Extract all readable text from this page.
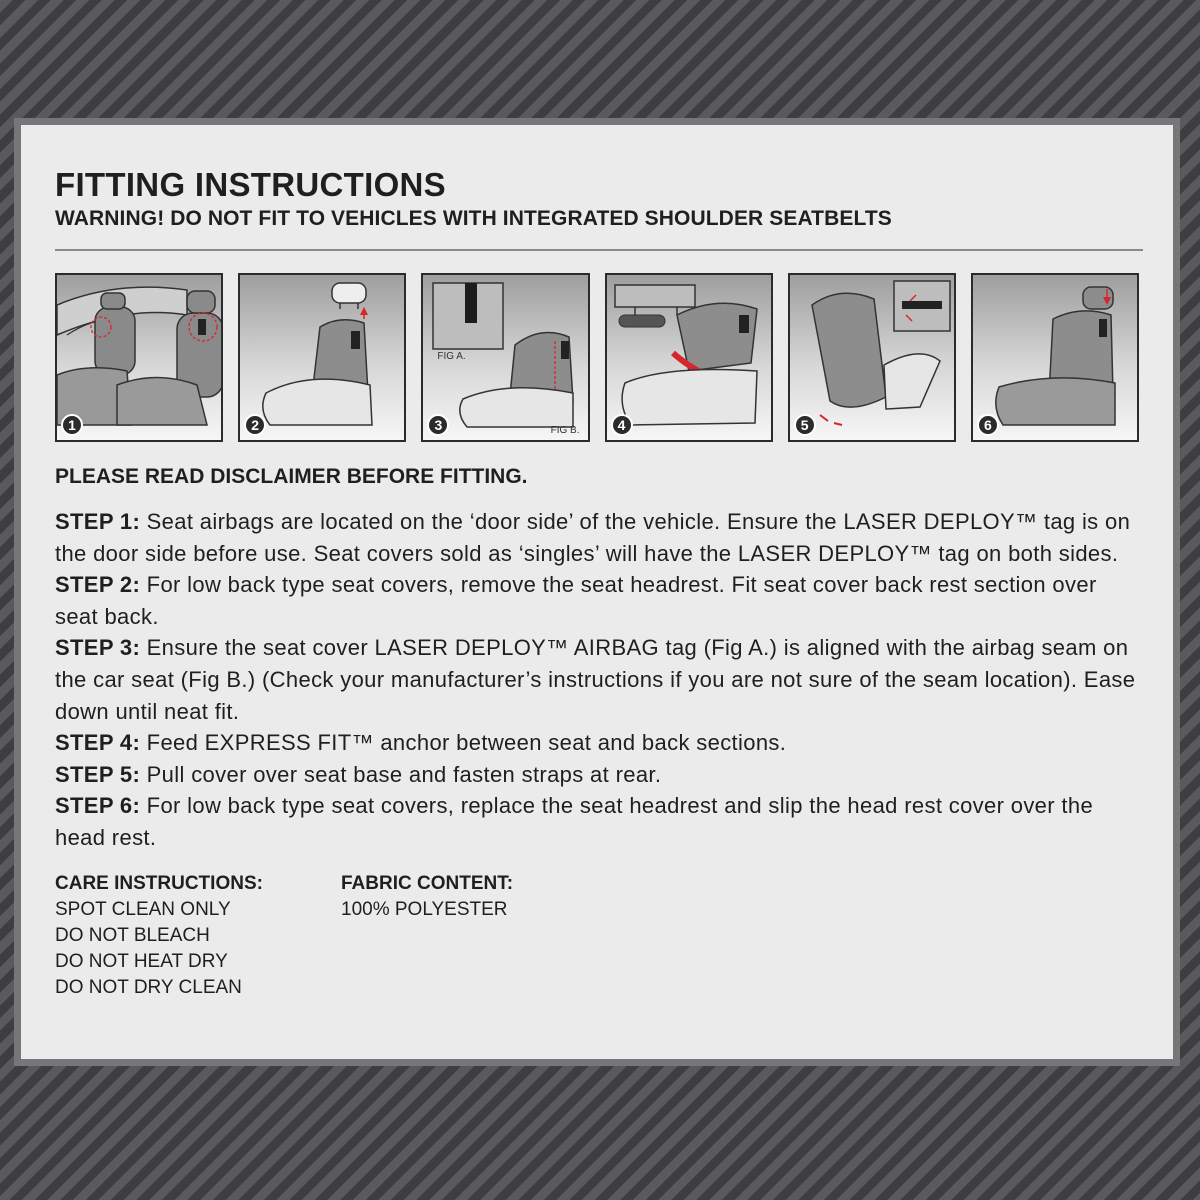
FITTING INSTRUCTIONS
WARNING! DO NOT FIT TO VEHICLES WITH INTEGRATED SHOULDER SEATBELTS
1	2
FIG A.
FIG B.
3	4	5	6
PLEASE READ DISCLAIMER BEFORE FITTING.
STEP 1: Seat airbags are located on the ‘door side’ of the vehicle. Ensure the LASER DEPLOY™ tag is on the door side before use. Seat covers sold as ‘singles’ will have the LASER DEPLOY™ tag on both sides.
STEP 2: For low back type seat covers, remove the seat headrest. Fit seat cover back rest section over seat back.
STEP 3: Ensure the seat cover LASER DEPLOY™ AIRBAG tag (Fig A.) is aligned with the airbag seam on the car seat (Fig B.) (Check your manufacturer’s instructions if you are not sure of the seam location). Ease down until neat fit.
STEP 4: Feed EXPRESS FIT™ anchor between seat and back sections.
STEP 5: Pull cover over seat base and fasten straps at rear.
STEP 6: For low back type seat covers, replace the seat headrest and slip the head rest cover over the head rest.
CARE INSTRUCTIONS:
SPOT CLEAN ONLY
DO NOT BLEACH
DO NOT HEAT DRY
DO NOT DRY CLEAN
FABRIC CONTENT:
100% POLYESTER
